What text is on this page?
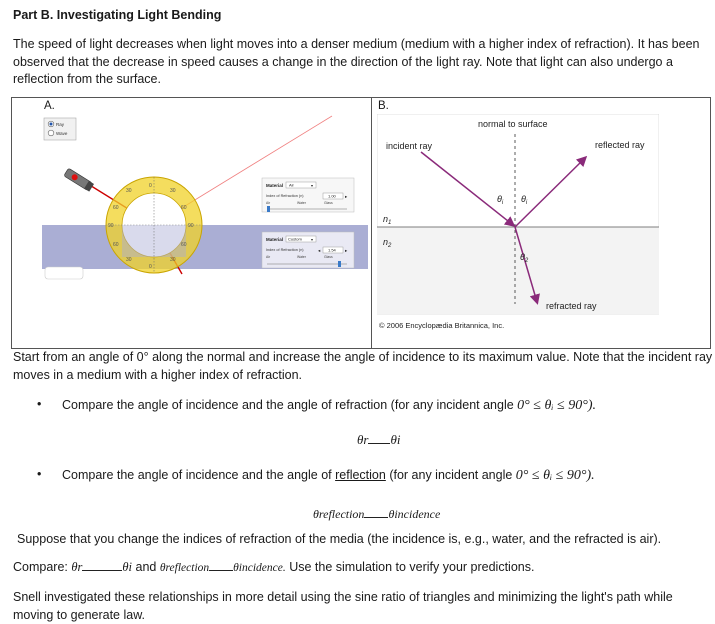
Part B. Investigating Light Bending
The speed of light decreases when light moves into a denser medium (medium with a higher index of refraction). It has been observed that the decrease in speed causes a change in the direction of the light ray. Note that light can also undergo a reflection from the surface.
A.
Ray
Wave
30
0
30
60	60
90	90
60	60
30
0
30
Material Air	▾
Index of Refraction (n)	1.00 ▸
Air	Water	Glass
Material Custom ▾
Index of Refraction (n)	◂ 1.54 ▸
Air	Water	Glass
B.
normal to surface
incident ray	reflected ray
refracted ray
$n_1$
$n_2$
$\theta_i$ $\theta_i$
$\theta_2$
© 2006 Encyclopædia Britannica, Inc.
Start from an angle of 0° along the normal and increase the angle of incidence to its maximum value. Note that the incident ray moves in a medium with a higher index of refraction.
• Compare the angle of incidence and the angle of refraction (for any incident angle 0° ≤ θᵢ ≤ 90°).
θr θi
• Compare the angle of incidence and the angle of reflection (for any incident angle 0° ≤ θᵢ ≤ 90°).
θreflection θincidence
Suppose that you change the indices of refraction of the media (the incidence is, e.g., water, and the refracted is air).
Compare: θr	θi and θreflection θincidence. Use the simulation to verify your predictions.
Snell investigated these relationships in more detail using the sine ratio of triangles and minimizing the light's path while moving to generate law.
